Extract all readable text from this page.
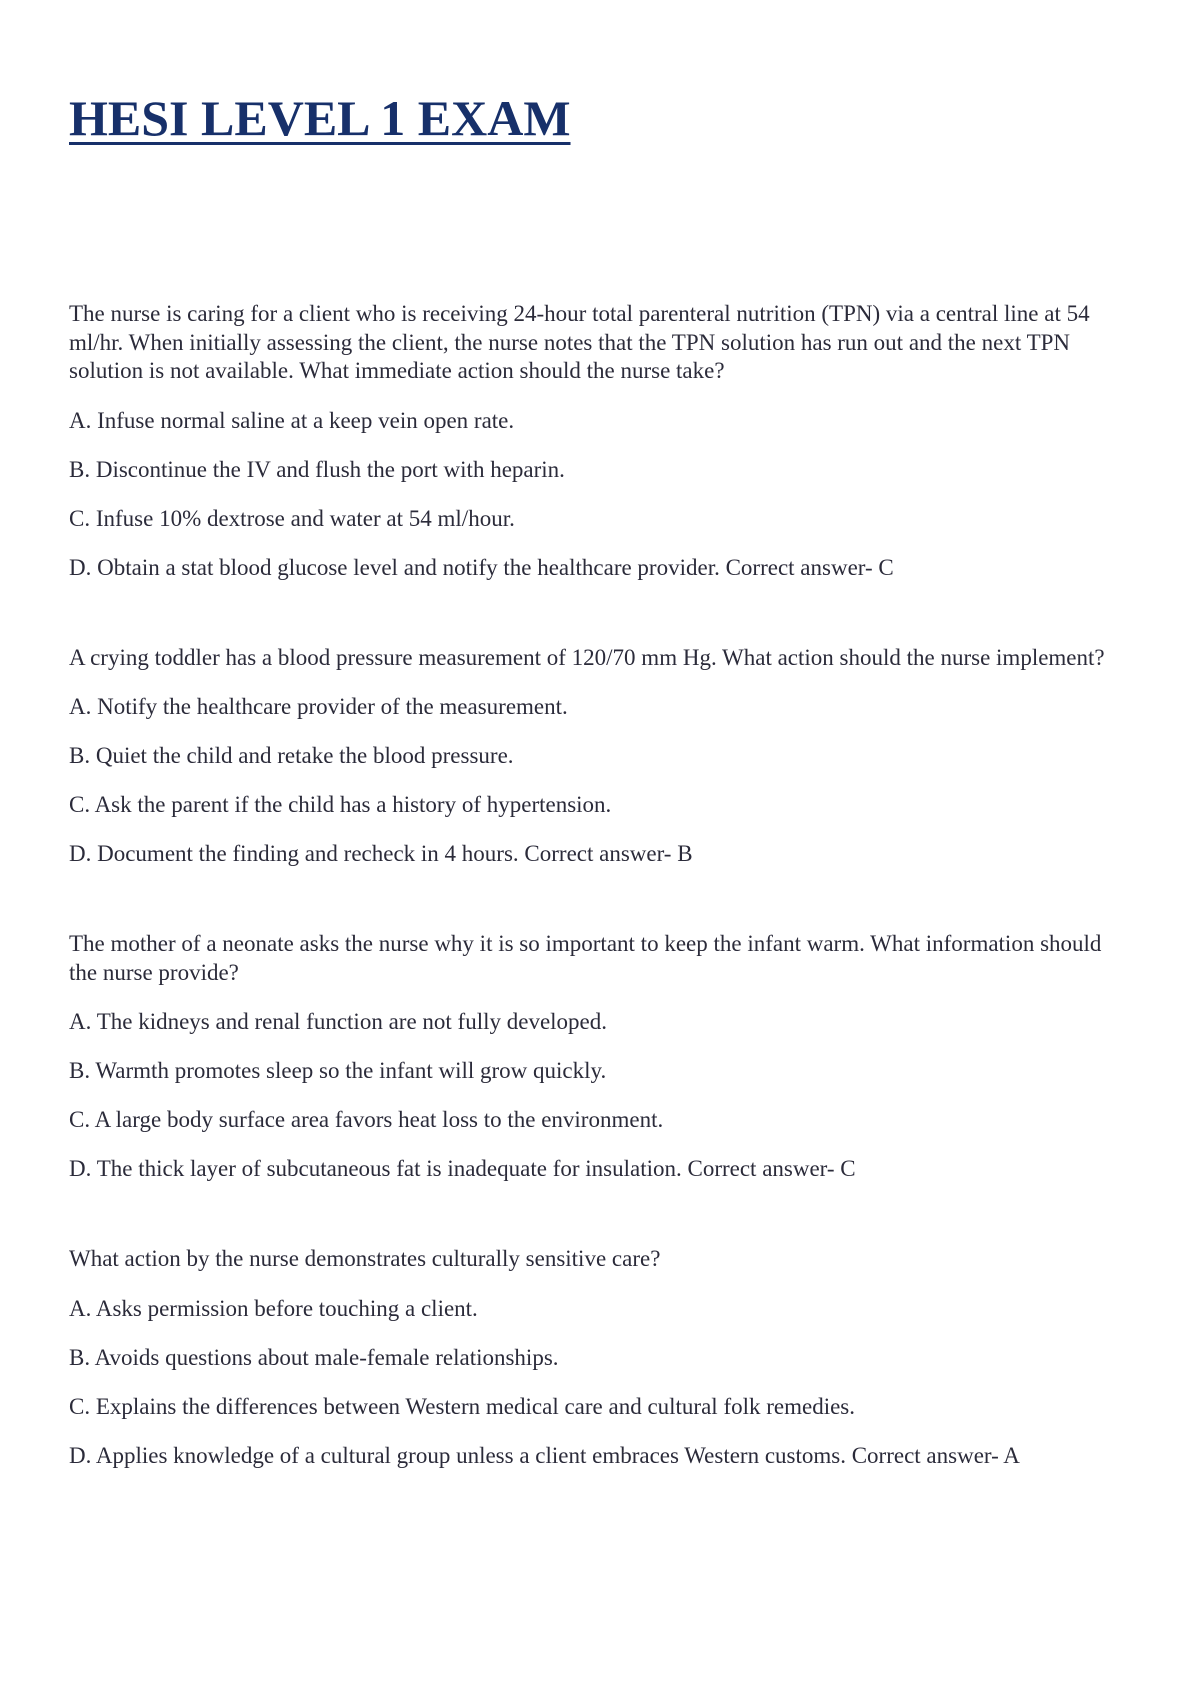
HESI LEVEL 1 EXAM

The nurse is caring for a client who is receiving 24-hour total parenteral nutrition (TPN) via a central line at 54 ml/hr. When initially assessing the client, the nurse notes that the TPN solution has run out and the next TPN solution is not available. What immediate action should the nurse take?

A. Infuse normal saline at a keep vein open rate.

B. Discontinue the IV and flush the port with heparin.

C. Infuse 10% dextrose and water at 54 ml/hour.

D. Obtain a stat blood glucose level and notify the healthcare provider. Correct answer- C

A crying toddler has a blood pressure measurement of 120/70 mm Hg. What action should the nurse implement?

A. Notify the healthcare provider of the measurement.

B. Quiet the child and retake the blood pressure.

C. Ask the parent if the child has a history of hypertension.

D. Document the finding and recheck in 4 hours. Correct answer- B

The mother of a neonate asks the nurse why it is so important to keep the infant warm. What information should the nurse provide?

A. The kidneys and renal function are not fully developed.

B. Warmth promotes sleep so the infant will grow quickly.

C. A large body surface area favors heat loss to the environment.

D. The thick layer of subcutaneous fat is inadequate for insulation. Correct answer- C

What action by the nurse demonstrates culturally sensitive care?

A. Asks permission before touching a client.

B. Avoids questions about male-female relationships.

C. Explains the differences between Western medical care and cultural folk remedies.

D. Applies knowledge of a cultural group unless a client embraces Western customs. Correct answer- A
